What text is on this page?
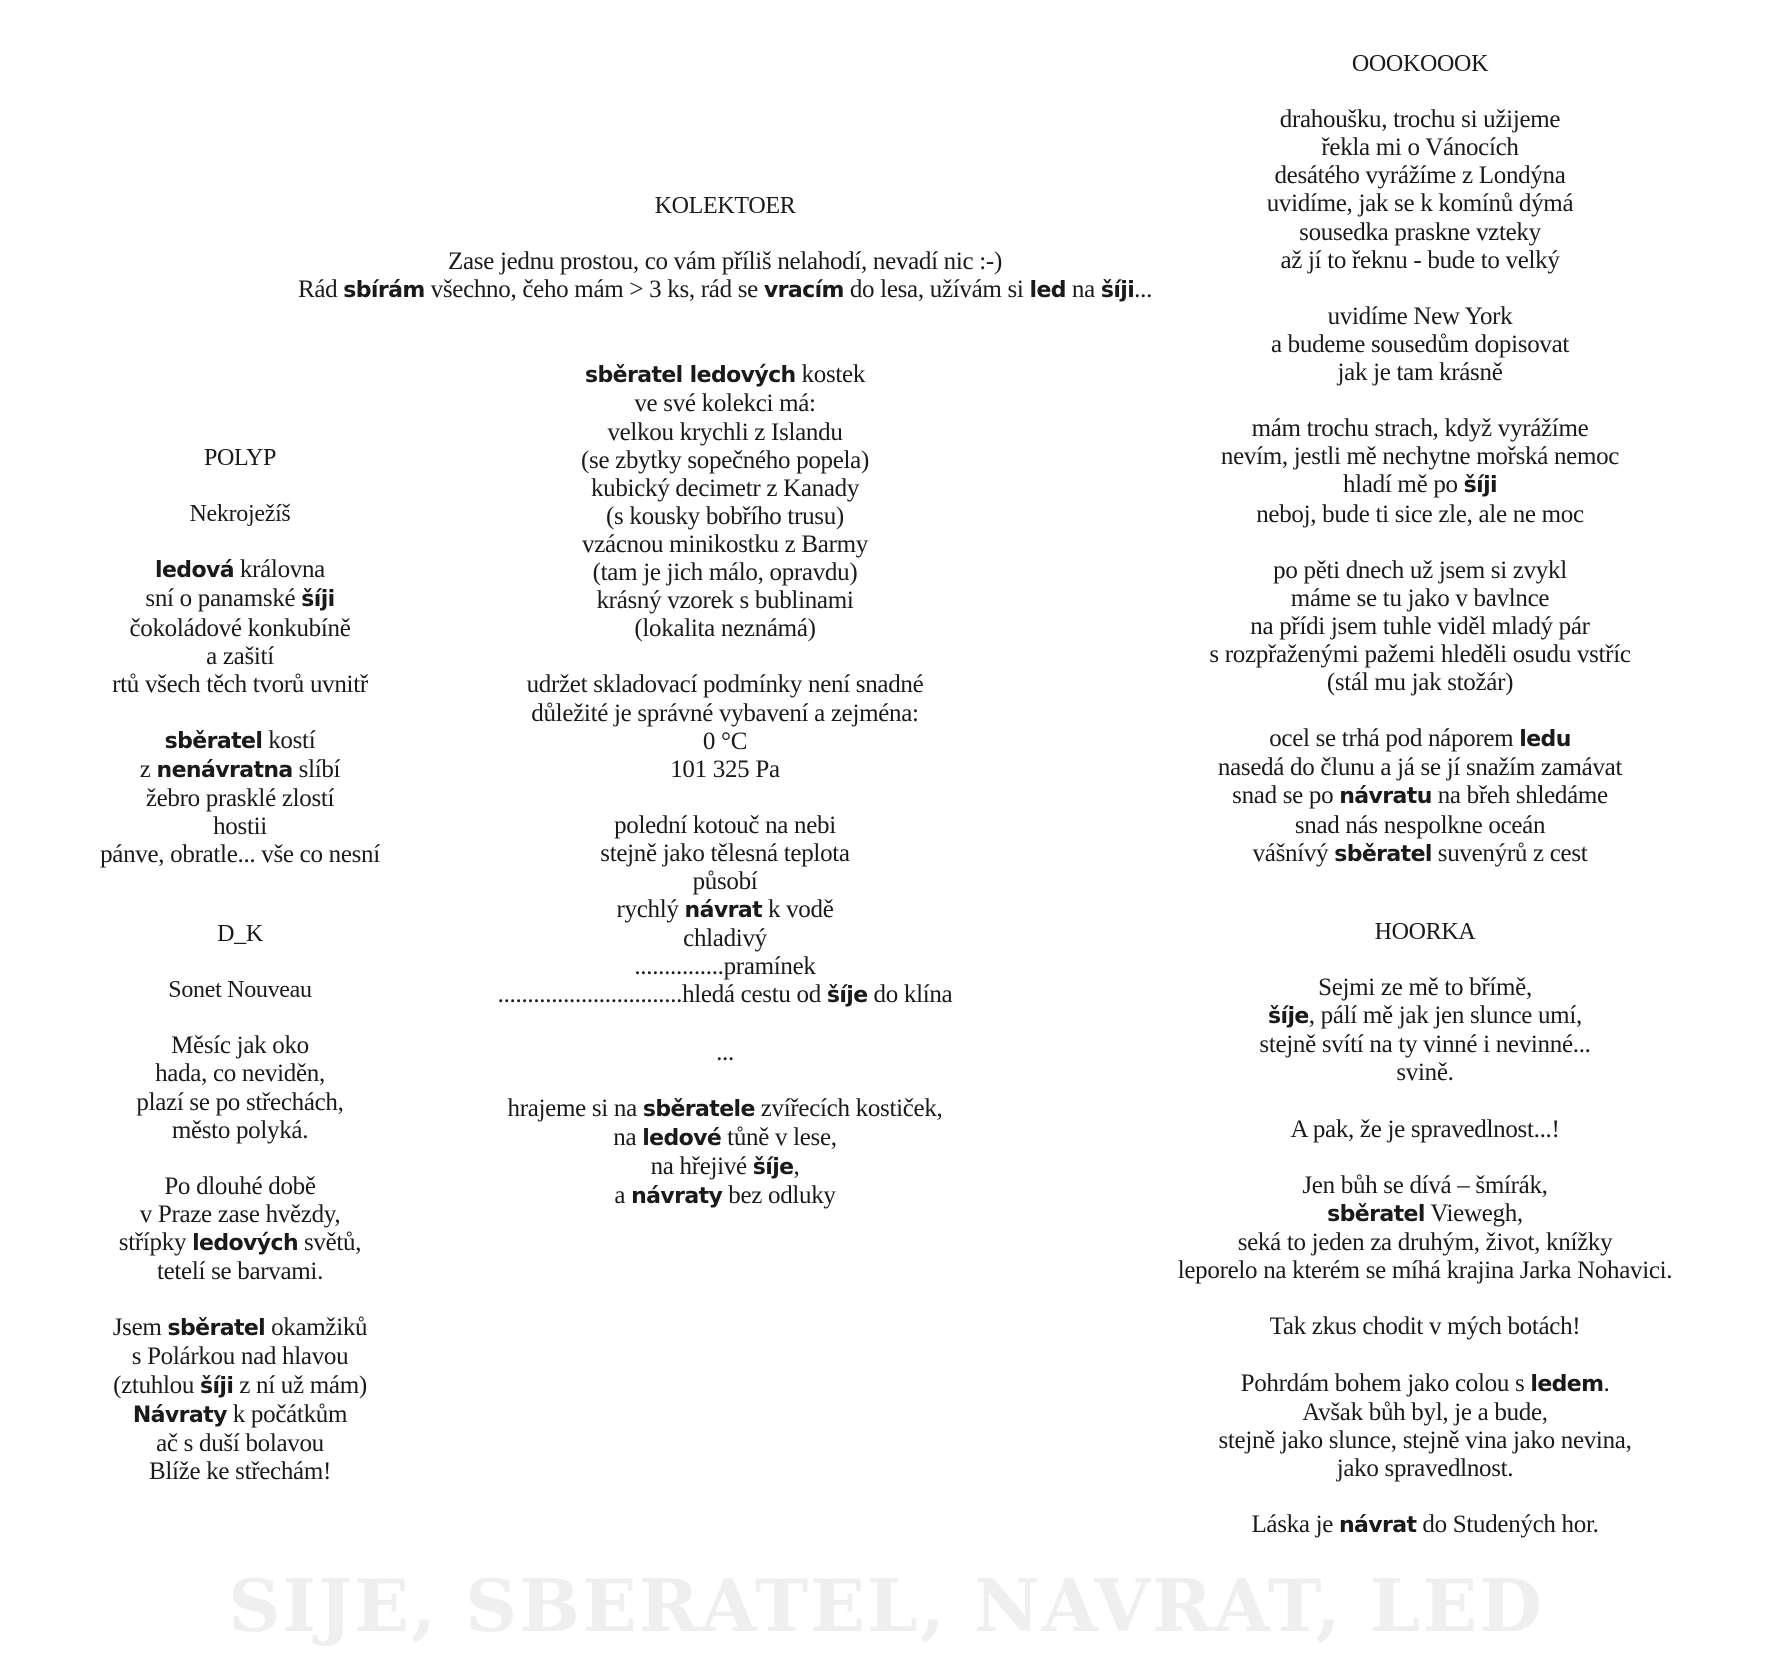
OOOKOOOK
drahoušku, trochu si užijeme
řekla mi o Vánocích
desátého vyrážíme z Londýna
uvidíme, jak se k komínů dýmá
sousedka praskne vzteky
až jí to řeknu - bude to velký
uvidíme New York
a budeme sousedům dopisovat
jak je tam krásně
mám trochu strach, když vyrážíme
nevím, jestli mě nechytne mořská nemoc
hladí mě po šíji
neboj, bude ti sice zle, ale ne moc
po pěti dnech už jsem si zvykl
máme se tu jako v bavlnce
na přídi jsem tuhle viděl mladý pár
s rozpřaženými pažemi hleděli osudu vstříc
(stál mu jak stožár)
ocel se trhá pod náporem ledu
nasedá do člunu a já se jí snažím zamávat
snad se po návratu na břeh shledáme
snad nás nespolkne oceán
vášnívý sběratel suvenýrů z cest
KOLEKTOER
Zase jednu prostou, co vám příliš nelahodí, nevadí nic :-)
Rád sbírám všechno, čeho mám > 3 ks, rád se vracím do lesa, užívám si led na šíji...
sběratel ledových kostek
ve své kolekci má:
velkou krychli z Islandu
(se zbytky sopečného popela)
kubický decimetr z Kanady
(s kousky bobřího trusu)
vzácnou minikostku z Barmy
(tam je jich málo, opravdu)
krásný vzorek s bublinami
(lokalita neznámá)
udržet skladovací podmínky není snadné
důležité je správné vybavení a zejména:
0 °C
101 325 Pa
polední kotouč na nebi
stejně jako tělesná teplota
působí
rychlý návrat k vodě
chladivý
...............pramínek
...............................hledá cestu od šíje do klína
...
hrajeme si na sběratele zvířecích kostiček,
na ledové tůně v lese,
na hřejivé šíje,
a návraty bez odluky
POLYP
Nekroježíš
ledová královna
sní o panamské šíji
čokoládové konkubíně
a zašití
rtů všech těch tvorů uvnitř
sběratel kostí
z nenávratna slíbí
žebro prasklé zlostí
hostii
pánve, obratle... vše co nesní
D_K
Sonet Nouveau
Měsíc jak oko
hada, co neviděn,
plazí se po střechách,
město polyká.
Po dlouhé době
v Praze zase hvězdy,
střípky ledových světů,
tetelí se barvami.
Jsem sběratel okamžiků
s Polárkou nad hlavou
(ztuhlou šíji z ní už mám)
Návraty k počátkům
ač s duší bolavou
Blíže ke střechám!
HOORKA
Sejmi ze mě to břímě,
šíje, pálí mě jak jen slunce umí,
stejně svítí na ty vinné i nevinné...
svině.
A pak, že je spravedlnost...!
Jen bůh se dívá – šmírák,
sběratel Viewegh,
seká to jeden za druhým, život, knížky
leporelo na kterém se míhá krajina Jarka Nohavici.
Tak zkus chodit v mých botách!
Pohrdám bohem jako colou s ledem.
Avšak bůh byl, je a bude,
stejně jako slunce, stejně vina jako nevina,
jako spravedlnost.
Láska je návrat do Studených hor.
SIJE, SBERATEL, NAVRAT, LED
